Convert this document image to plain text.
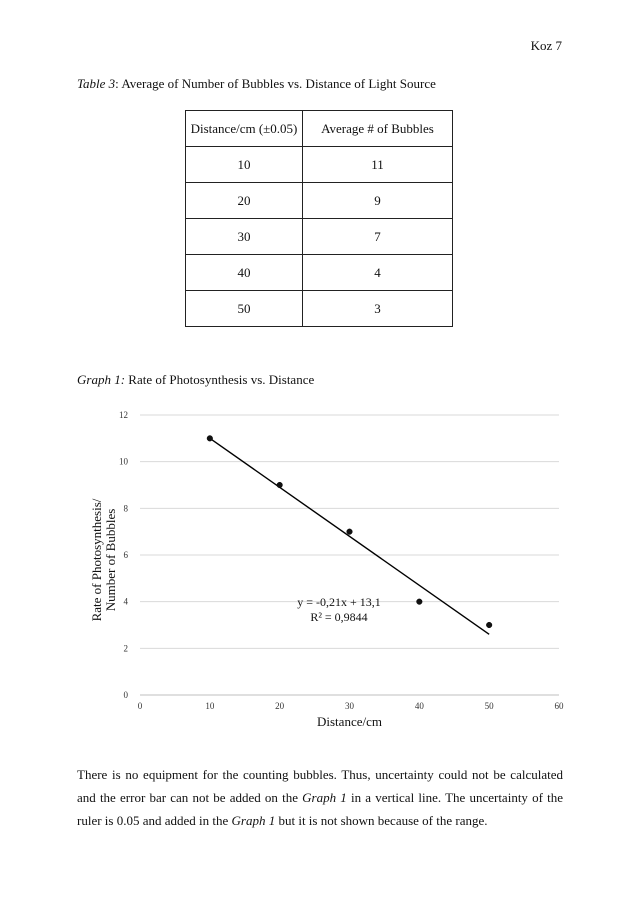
Koz 7
Table 3: Average of Number of Bubbles vs. Distance of Light Source
Distance/cm (±0.05)	Average # of Bubbles
10	11
20	9
30	7
40	4
50	3
Graph 1: Rate of Photosynthesis vs. Distance
0
2
4
6
8
10
12
0	10	20	30	40	50	60
y = -0,21x + 13,1
R² = 0,9844
Distance/cm
Rate of Photosynthesis/Number of Bubbles
There is no equipment for the counting bubbles. Thus, uncertainty could not be calculated and the error bar can not be added on the Graph 1 in a vertical line. The uncertainty of the ruler is 0.05 and added in the Graph 1 but it is not shown because of the range.
